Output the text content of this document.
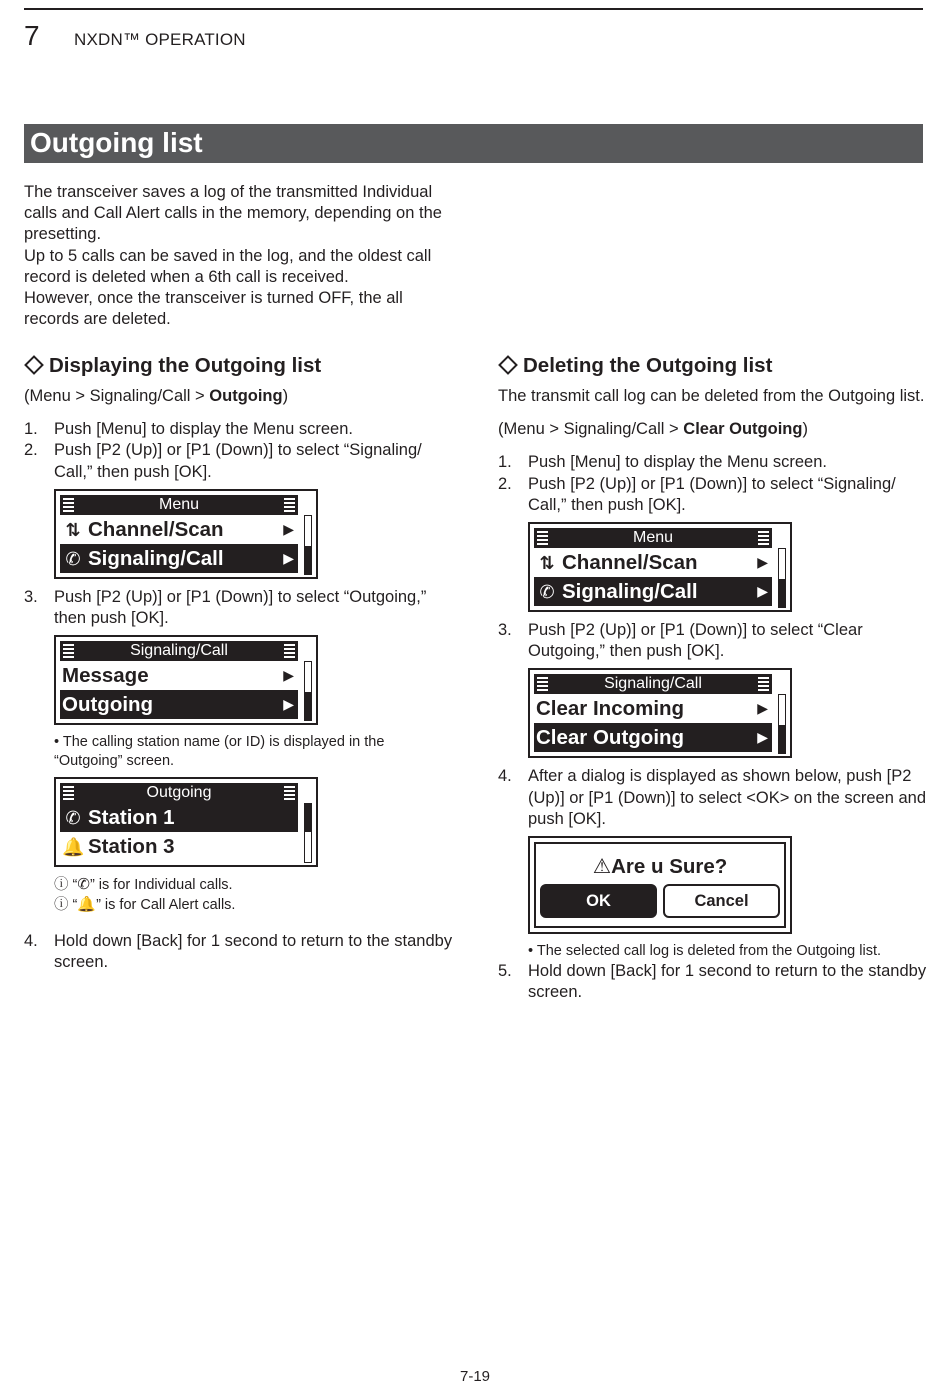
7 NXDN™ OPERATION
Outgoing list

The transceiver saves a log of the transmitted Individual calls and Call Alert calls in the memory, depending on the presetting.

Up to 5 calls can be saved in the log, and the oldest call record is deleted when a 6th call is received.

However, once the transceiver is turned OFF, the all records are deleted.

Displaying the Outgoing list

(Menu > Signaling/Call > Outgoing)

1. Push [Menu] to display the Menu screen.
2. Push [P2 (Up)] or [P1 (Down)] to select “Signaling/ Call,” then push [OK].
Menu
⇅ Channel/Scan	▶
✆ Signaling/Call	▶
3. Push [P2 (Up)] or [P1 (Down)] to select “Outgoing,” then push [OK].
Signaling/Call
Message	▶
Outgoing	▶

• The calling station name (or ID) is displayed in the “Outgoing” screen.

Outgoing
✆ Station 1
🔔 Station 3

ⓘ “✆” is for Individual calls.

ⓘ “🔔” is for Call Alert calls.

4. Hold down [Back] for 1 second to return to the standby screen.
Deleting the Outgoing list

The transmit call log can be deleted from the Outgoing list.

(Menu > Signaling/Call > Clear Outgoing)

1. Push [Menu] to display the Menu screen.
2. Push [P2 (Up)] or [P1 (Down)] to select “Signaling/ Call,” then push [OK].
Menu
⇅ Channel/Scan	▶
✆ Signaling/Call	▶
3. Push [P2 (Up)] or [P1 (Down)] to select “Clear Outgoing,” then push [OK].
Signaling/Call
Clear Incoming	▶
Clear Outgoing	▶
4. After a dialog is displayed as shown below, push [P2 (Up)] or [P1 (Down)] to select <OK> on the screen and push [OK].
⚠Are u Sure?
OK	Cancel

• The selected call log is deleted from the Outgoing list.

5. Hold down [Back] for 1 second to return to the standby screen.
7-19
